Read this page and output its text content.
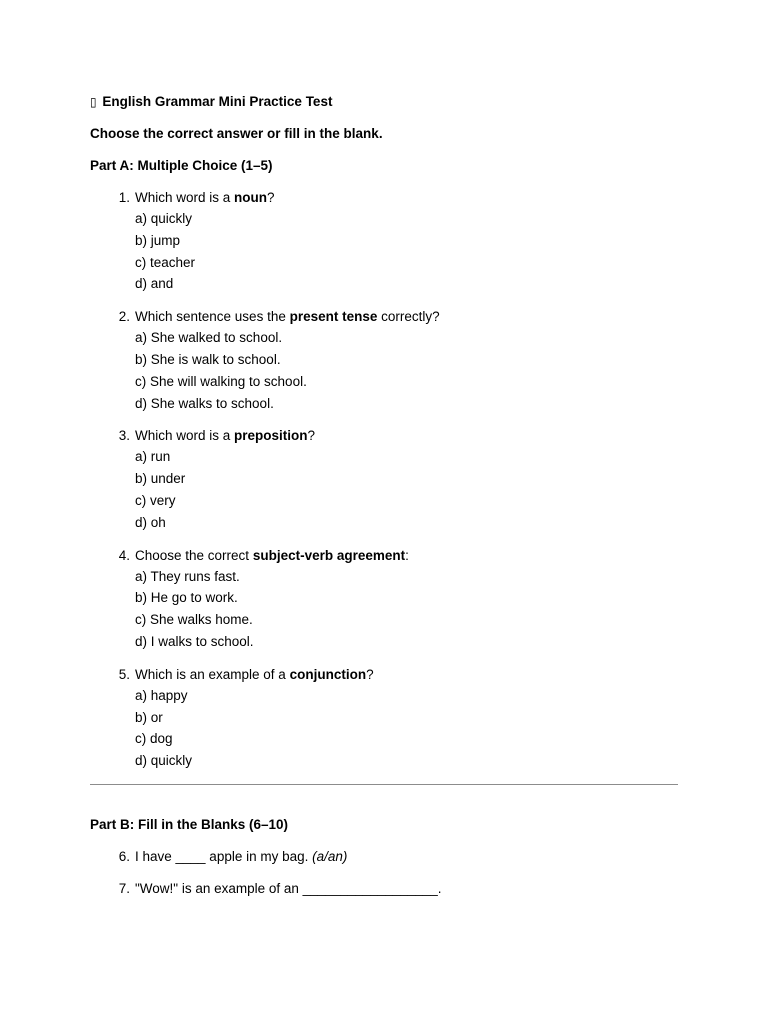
▯ English Grammar Mini Practice Test

Choose the correct answer or fill in the blank.

Part A: Multiple Choice (1–5)

1 . Which word is a noun?
a) quickly
b) jump
c) teacher
d) and
2 . Which sentence uses the present tense correctly?
a) She walked to school.
b) She is walk to school.
c) She will walking to school.
d) She walks to school.
3 . Which word is a preposition?
a) run
b) under
c) very
d) oh
4 . Choose the correct subject-verb agreement:
a) They runs fast.
b) He go to work.
c) She walks home.
d) I walks to school.
5 . Which is an example of a conjunction?
a) happy
b) or
c) dog
d) quickly

Part B: Fill in the Blanks (6–10)

6 . I have ____ apple in my bag. (a/an)
7 . "Wow!" is an example of an __________________.
